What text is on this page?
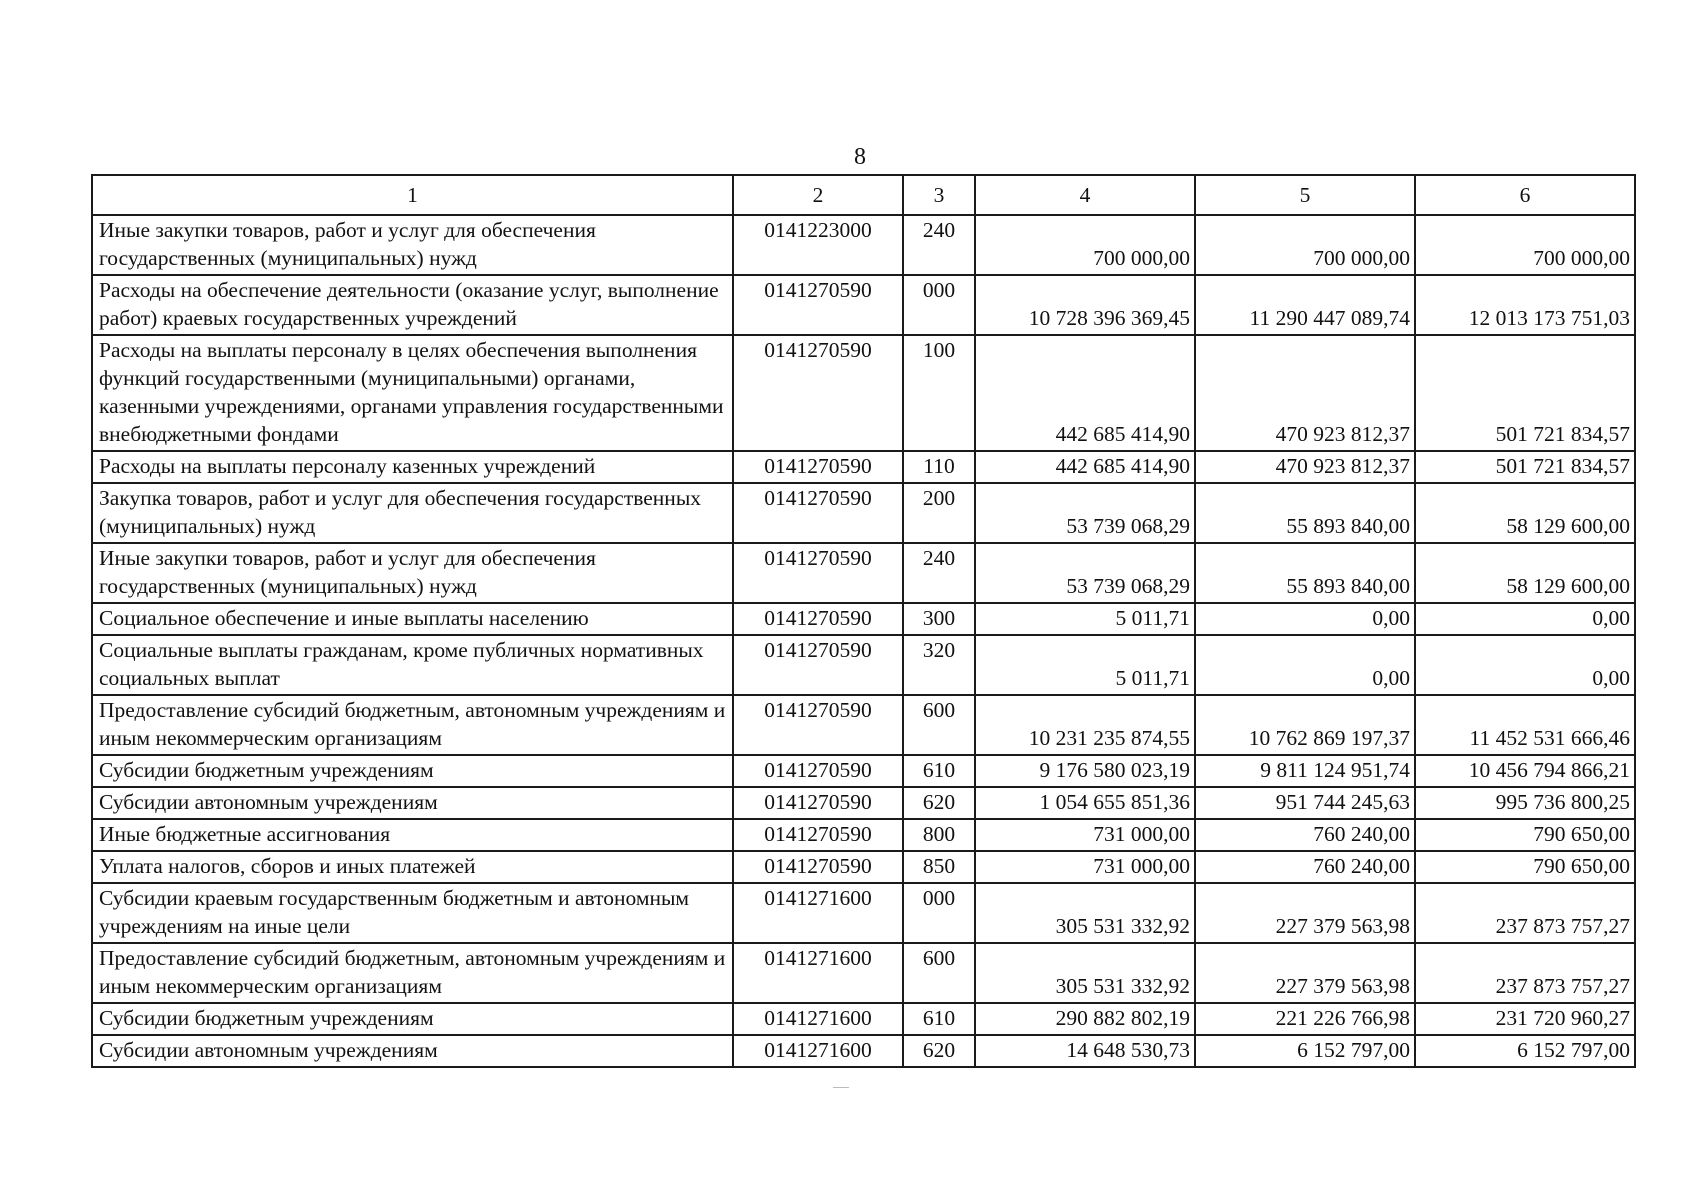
8
1	2	3	4	5	6
Иные закупки товаров, работ и услуг для обеспечения государственных (муниципальных) нужд	0141223000	240	700 000,00	700 000,00	700 000,00
Расходы на обеспечение деятельности (оказание услуг, выполнение работ) краевых государственных учреждений	0141270590	000	10 728 396 369,45	11 290 447 089,74	12 013 173 751,03
Расходы на выплаты персоналу в целях обеспечения выполнения функций государственными (муниципальными) органами, казенными учреждениями, органами управления государственными внебюджетными фондами	0141270590	100	442 685 414,90	470 923 812,37	501 721 834,57
Расходы на выплаты персоналу казенных учреждений	0141270590	110	442 685 414,90	470 923 812,37	501 721 834,57
Закупка товаров, работ и услуг для обеспечения государственных (муниципальных) нужд	0141270590	200	53 739 068,29	55 893 840,00	58 129 600,00
Иные закупки товаров, работ и услуг для обеспечения государственных (муниципальных) нужд	0141270590	240	53 739 068,29	55 893 840,00	58 129 600,00
Социальное обеспечение и иные выплаты населению	0141270590	300	5 011,71	0,00	0,00
Социальные выплаты гражданам, кроме публичных нормативных социальных выплат	0141270590	320	5 011,71	0,00	0,00
Предоставление субсидий бюджетным, автономным учреждениям и иным некоммерческим организациям	0141270590	600	10 231 235 874,55	10 762 869 197,37	11 452 531 666,46
Субсидии бюджетным учреждениям	0141270590	610	9 176 580 023,19	9 811 124 951,74	10 456 794 866,21
Субсидии автономным учреждениям	0141270590	620	1 054 655 851,36	951 744 245,63	995 736 800,25
Иные бюджетные ассигнования	0141270590	800	731 000,00	760 240,00	790 650,00
Уплата налогов, сборов и иных платежей	0141270590	850	731 000,00	760 240,00	790 650,00
Субсидии краевым государственным бюджетным и автономным учреждениям на иные цели	0141271600	000	305 531 332,92	227 379 563,98	237 873 757,27
Предоставление субсидий бюджетным, автономным учреждениям и иным некоммерческим организациям	0141271600	600	305 531 332,92	227 379 563,98	237 873 757,27
Субсидии бюджетным учреждениям	0141271600	610	290 882 802,19	221 226 766,98	231 720 960,27
Субсидии автономным учреждениям	0141271600	620	14 648 530,73	6 152 797,00	6 152 797,00
